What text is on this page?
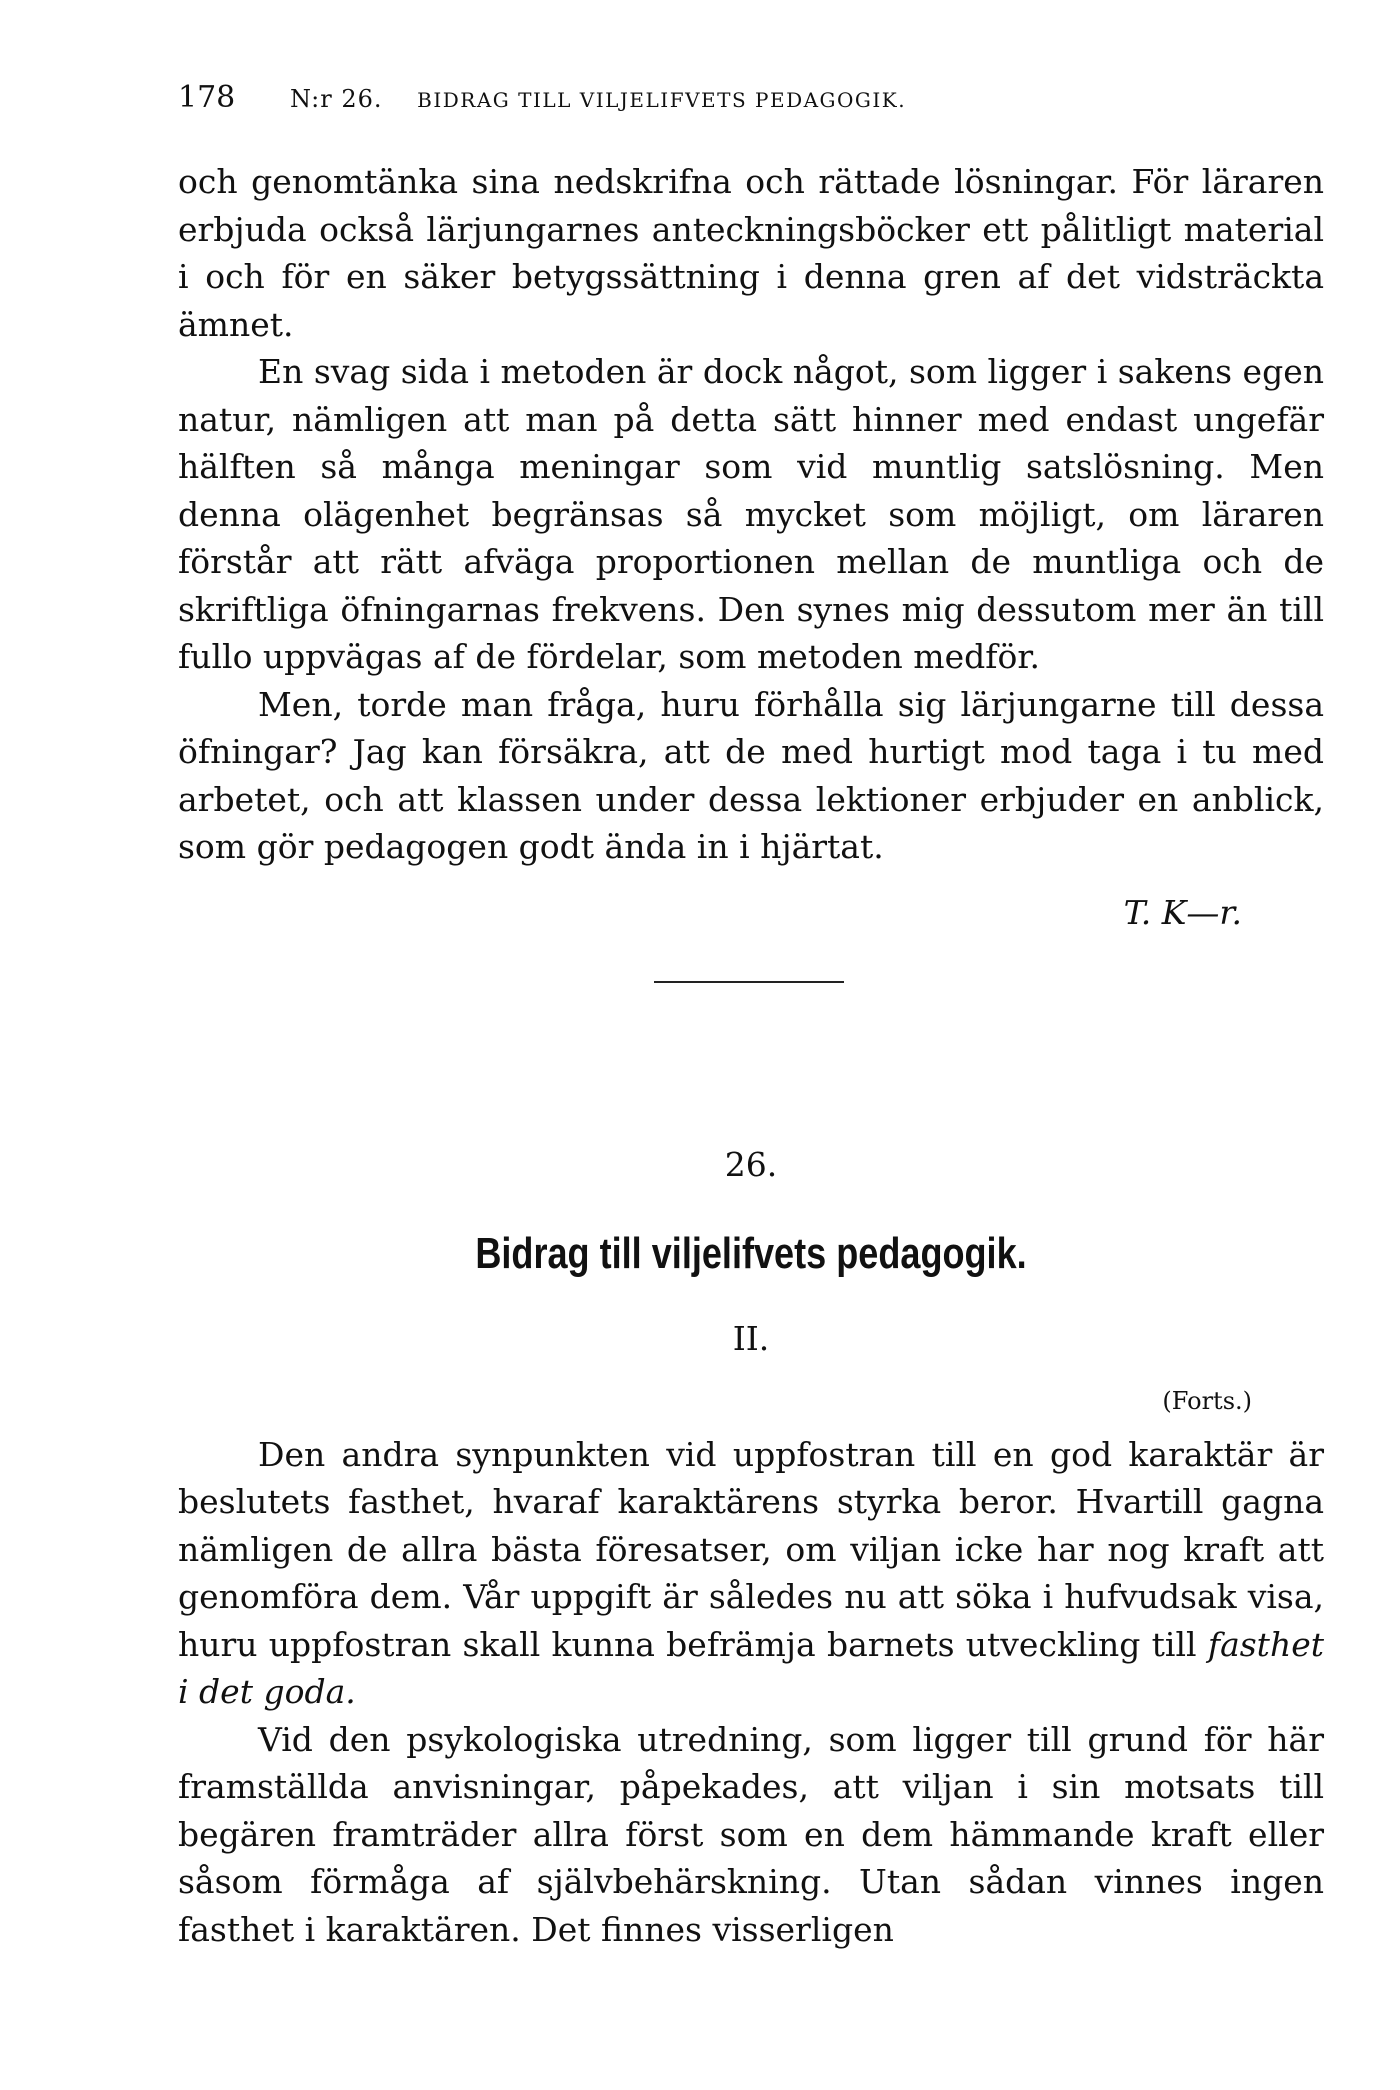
178	N:r 26. BIDRAG TILL VILJELIFVETS PEDAGOGIK.

och genomtänka sina nedskrifna och rättade lösningar. För läraren erbjuda också lärjungarnes anteckningsböcker ett pålitligt material i och för en säker betygssättning i denna gren af det vidsträckta ämnet.

En svag sida i metoden är dock något, som ligger i sakens egen natur, nämligen att man på detta sätt hinner med endast ungefär hälften så många meningar som vid muntlig satslösning. Men denna olägenhet begränsas så mycket som möjligt, om läraren förstår att rätt afväga proportionen mellan de muntliga och de skriftliga öfningarnas frekvens. Den synes mig dessutom mer än till fullo uppvägas af de fördelar, som metoden medför.

Men, torde man fråga, huru förhålla sig lärjungarne till dessa öfningar? Jag kan försäkra, att de med hurtigt mod taga i tu med arbetet, och att klassen under dessa lektioner erbjuder en anblick, som gör pedagogen godt ända in i hjärtat.

T. K—r.
26.
Bidrag till viljelifvets pedagogik.
II.
(Forts.)

Den andra synpunkten vid uppfostran till en god karaktär är beslutets fasthet, hvaraf karaktärens styrka beror. Hvartill gagna nämligen de allra bästa föresatser, om viljan icke har nog kraft att genomföra dem. Vår uppgift är således nu att söka i hufvudsak visa, huru uppfostran skall kunna befrämja barnets utveckling till fasthet i det goda.

Vid den psykologiska utredning, som ligger till grund för här framställda anvisningar, påpekades, att viljan i sin motsats till begären framträder allra först som en dem hämmande kraft eller såsom förmåga af självbehärskning. Utan sådan vinnes ingen fasthet i karaktären. Det finnes visserligen
